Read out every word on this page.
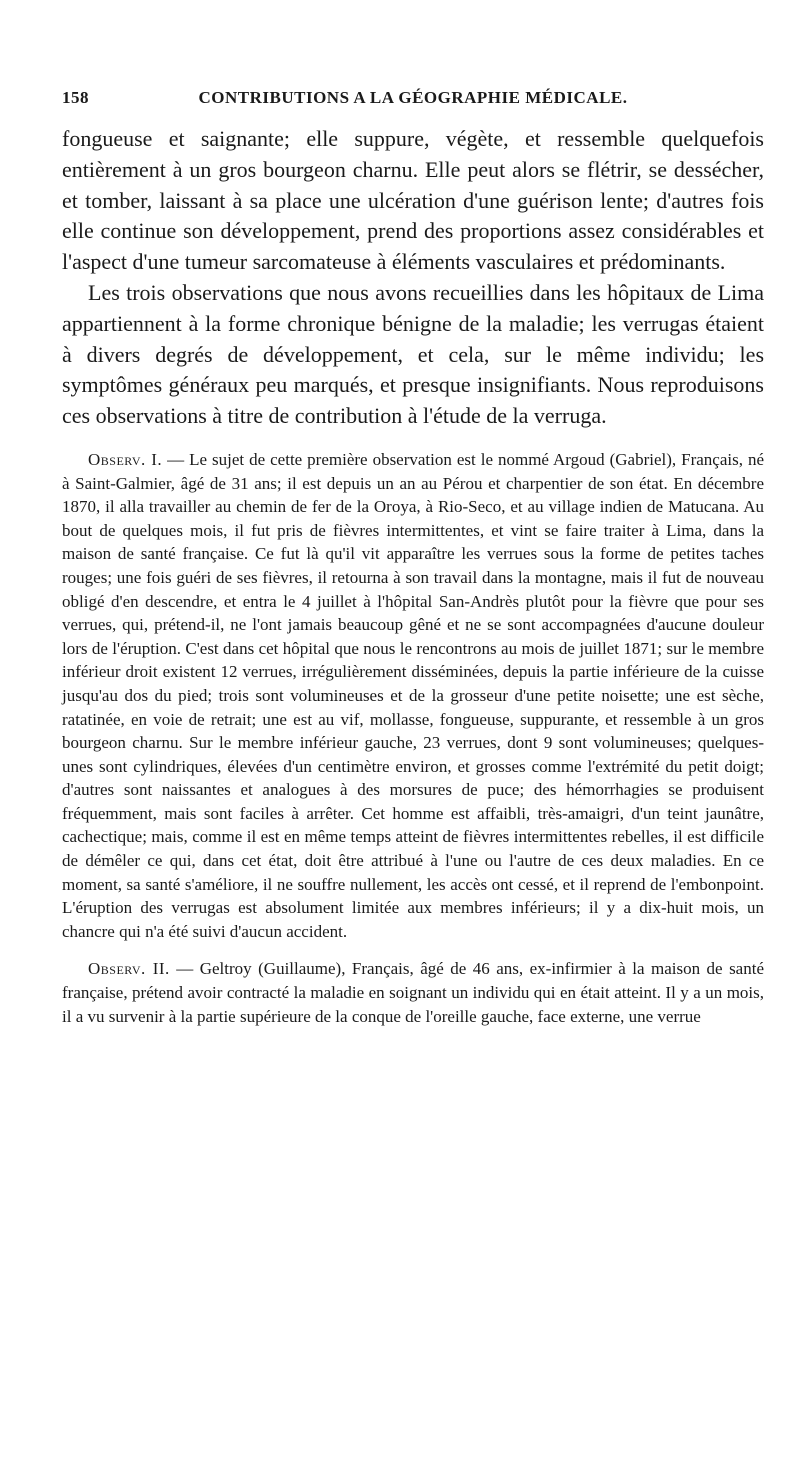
158	CONTRIBUTIONS A LA GÉOGRAPHIE MÉDICALE.

fongueuse et saignante; elle suppure, végète, et ressemble quelquefois entièrement à un gros bourgeon charnu. Elle peut alors se flétrir, se dessécher, et tomber, laissant à sa place une ulcération d'une guérison lente; d'autres fois elle continue son développement, prend des proportions assez considérables et l'aspect d'une tumeur sarcomateuse à éléments vasculaires et prédominants.

Les trois observations que nous avons recueillies dans les hôpitaux de Lima appartiennent à la forme chronique bénigne de la maladie; les verrugas étaient à divers degrés de développement, et cela, sur le même individu; les symptômes généraux peu marqués, et presque insignifiants. Nous reproduisons ces observations à titre de contribution à l'étude de la verruga.

Observ. I. — Le sujet de cette première observation est le nommé Argoud (Gabriel), Français, né à Saint-Galmier, âgé de 31 ans; il est depuis un an au Pérou et charpentier de son état. En décembre 1870, il alla travailler au chemin de fer de la Oroya, à Rio-Seco, et au village indien de Matucana. Au bout de quelques mois, il fut pris de fièvres intermittentes, et vint se faire traiter à Lima, dans la maison de santé française. Ce fut là qu'il vit apparaître les verrues sous la forme de petites taches rouges; une fois guéri de ses fièvres, il retourna à son travail dans la montagne, mais il fut de nouveau obligé d'en descendre, et entra le 4 juillet à l'hôpital San-Andrès plutôt pour la fièvre que pour ses verrues, qui, prétend-il, ne l'ont jamais beaucoup gêné et ne se sont accompagnées d'aucune douleur lors de l'éruption. C'est dans cet hôpital que nous le rencontrons au mois de juillet 1871; sur le membre inférieur droit existent 12 verrues, irrégulièrement disséminées, depuis la partie inférieure de la cuisse jusqu'au dos du pied; trois sont volumineuses et de la grosseur d'une petite noisette; une est sèche, ratatinée, en voie de retrait; une est au vif, mollasse, fongueuse, suppurante, et ressemble à un gros bourgeon charnu. Sur le membre inférieur gauche, 23 verrues, dont 9 sont volumineuses; quelques-unes sont cylindriques, élevées d'un centimètre environ, et grosses comme l'extrémité du petit doigt; d'autres sont naissantes et analogues à des morsures de puce; des hémorrhagies se produisent fréquemment, mais sont faciles à arrêter. Cet homme est affaibli, très-amaigri, d'un teint jaunâtre, cachectique; mais, comme il est en même temps atteint de fièvres intermittentes rebelles, il est difficile de démêler ce qui, dans cet état, doit être attribué à l'une ou l'autre de ces deux maladies. En ce moment, sa santé s'améliore, il ne souffre nullement, les accès ont cessé, et il reprend de l'embonpoint. L'éruption des verrugas est absolument limitée aux membres inférieurs; il y a dix-huit mois, un chancre qui n'a été suivi d'aucun accident.

Observ. II. — Geltroy (Guillaume), Français, âgé de 46 ans, ex-infirmier à la maison de santé française, prétend avoir contracté la maladie en soignant un individu qui en était atteint. Il y a un mois, il a vu survenir à la partie supérieure de la conque de l'oreille gauche, face externe, une verrue
